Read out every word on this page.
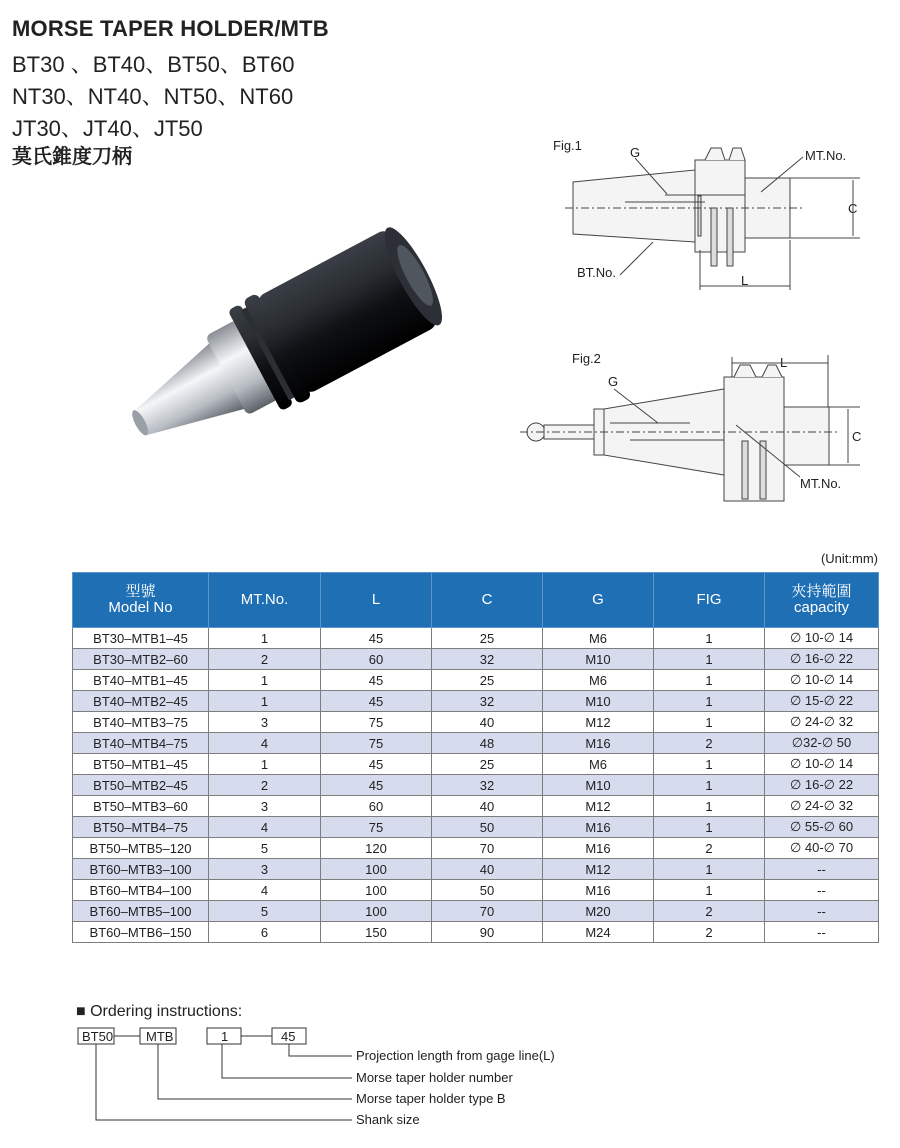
MORSE TAPER HOLDER/MTB
BT30 、BT40、BT50、BT60
NT30、NT40、NT50、NT60
JT30、JT40、JT50
莫氏錐度刀柄	Fig.1	G	MT.No.
C
BT.No.
L
Fig.2
G
L
C
MT.No.
(Unit:mm)
型號
Model No	MT.No.	L	C	G	FIG	夾持範圍
capacity
BT30–MTB1–45	1	45	25	M6	1	∅ 10-∅ 14
BT30–MTB2–60	2	60	32	M10	1	∅ 16-∅ 22
BT40–MTB1–45	1	45	25	M6	1	∅ 10-∅ 14
BT40–MTB2–45	1	45	32	M10	1	∅ 15-∅ 22
BT40–MTB3–75	3	75	40	M12	1	∅ 24-∅ 32
BT40–MTB4–75	4	75	48	M16	2	∅32-∅ 50
BT50–MTB1–45	1	45	25	M6	1	∅ 10-∅ 14
BT50–MTB2–45	2	45	32	M10	1	∅ 16-∅ 22
BT50–MTB3–60	3	60	40	M12	1	∅ 24-∅ 32
BT50–MTB4–75	4	75	50	M16	1	∅ 55-∅ 60
BT50–MTB5–120	5	120	70	M16	2	∅ 40-∅ 70
BT60–MTB3–100	3	100	40	M12	1	--
BT60–MTB4–100	4	100	50	M16	1	--
BT60–MTB5–100	5	100	70	M20	2	--
BT60–MTB6–150	6	150	90	M24	2	--
■ Ordering instructions:
BT50	MTB	1	45
Projection length from gage line(L)
Morse taper holder number
Morse taper holder type B
Shank size
